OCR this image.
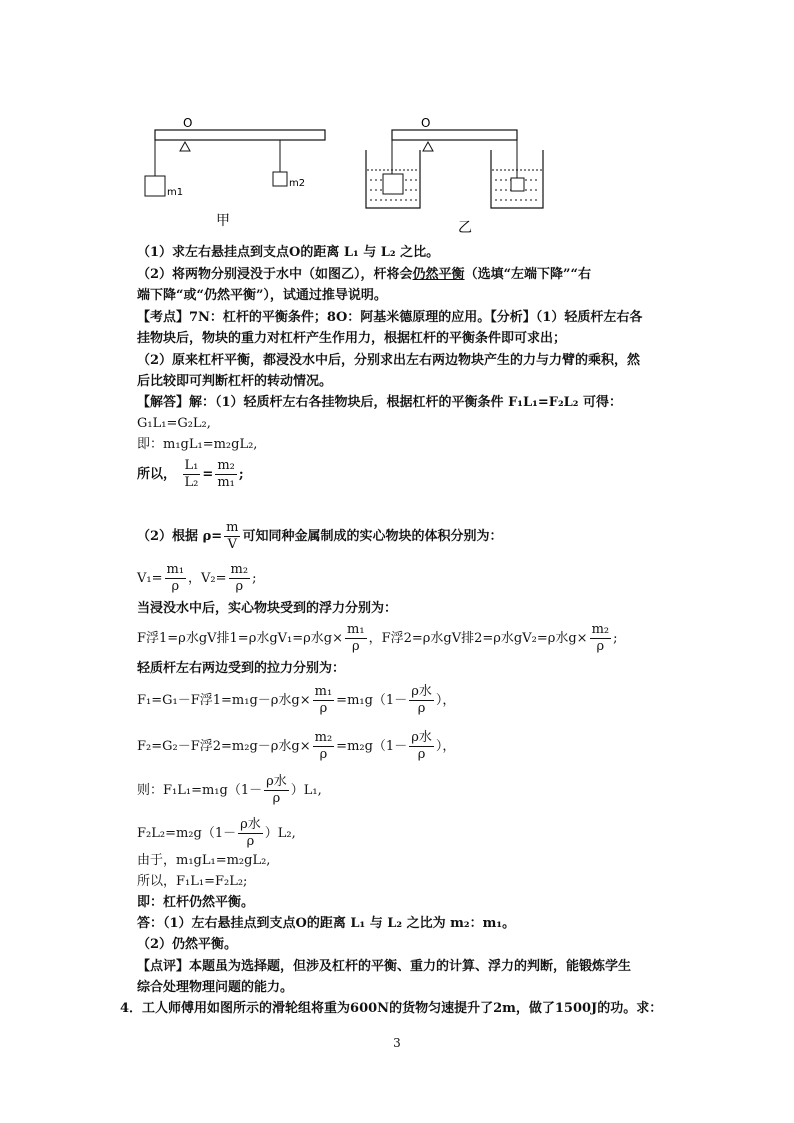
O
m1
m2
甲
O
乙
（1）求左右悬挂点到支点O的距离 L₁ 与 L₂ 之比。
（2）将两物分别浸没于水中（如图乙），杆将会仍然平衡（选填“左端下降”“右
端下降“或“仍然平衡”），试通过推导说明。
【考点】7N：杠杆的平衡条件；8O：阿基米德原理的应用。【分析】（1）轻质杆左右各
挂物块后，物块的重力对杠杆产生作用力，根据杠杆的平衡条件即可求出；
（2）原来杠杆平衡，都浸没水中后，分别求出左右两边物块产生的力与力臂的乘积，然
后比较即可判断杠杆的转动情况。
【解答】解：（1）轻质杆左右各挂物块后，根据杠杆的平衡条件 F₁L₁=F₂L₂ 可得：
G₁L₁=G₂L₂,
即：m₁gL₁=m₂gL₂,
所以， $\frac{\text{L₁}}{\text{L₂}} = \frac{\text{m₂}}{\text{m₁}}$ ;
（2）根据 $\rho= \frac{m}{V}$ 可知同种金属制成的实心物块的体积分别为：
$V_1= \frac{\text{m₁}}{\rho}$ ，$V_2= \frac{\text{m₂}}{\rho}$ ;
当浸没水中后，实心物块受到的浮力分别为：
F浮1=ρ水gV排1=ρ水gV₁=ρ水$g\times \frac{\text{m₁}}{\rho}$ ，F浮2=ρ水gV排2=ρ水gV₂=ρ水$g\times \frac{\text{m₂}}{\rho}$ ;
轻质杆左右两边受到的拉力分别为：
F₁=G₁－F浮1=m₁g－ρ水$g\times \frac{\text{m₁}}{\rho} =m_1g(1- \frac{\text{ρ水}}{\rho}$ ），
F₂=G₂－F浮2=m₂g－ρ水$g\times \frac{\text{m₂}}{\rho} =m_2g(1- \frac{\text{ρ水}}{\rho}$ ），
则：$F_1L_1=m_1g(1- \frac{\text{ρ水}}{\rho} )L_1$,
$F_2L_2=m_2g(1- \frac{\text{ρ水}}{\rho} )L_2$,
由于，m₁gL₁=m₂gL₂,
所以，F₁L₁=F₂L₂;
即：杠杆仍然平衡。
答：（1）左右悬挂点到支点O的距离 L₁ 与 L₂ 之比为 m₂：m₁。
（2）仍然平衡。
【点评】本题虽为选择题，但涉及杠杆的平衡、重力的计算、浮力的判断，能锻炼学生
综合处理物理问题的能力。
4．工人师傅用如图所示的滑轮组将重为600N的货物匀速提升了2m，做了1500J的功。求：
3
